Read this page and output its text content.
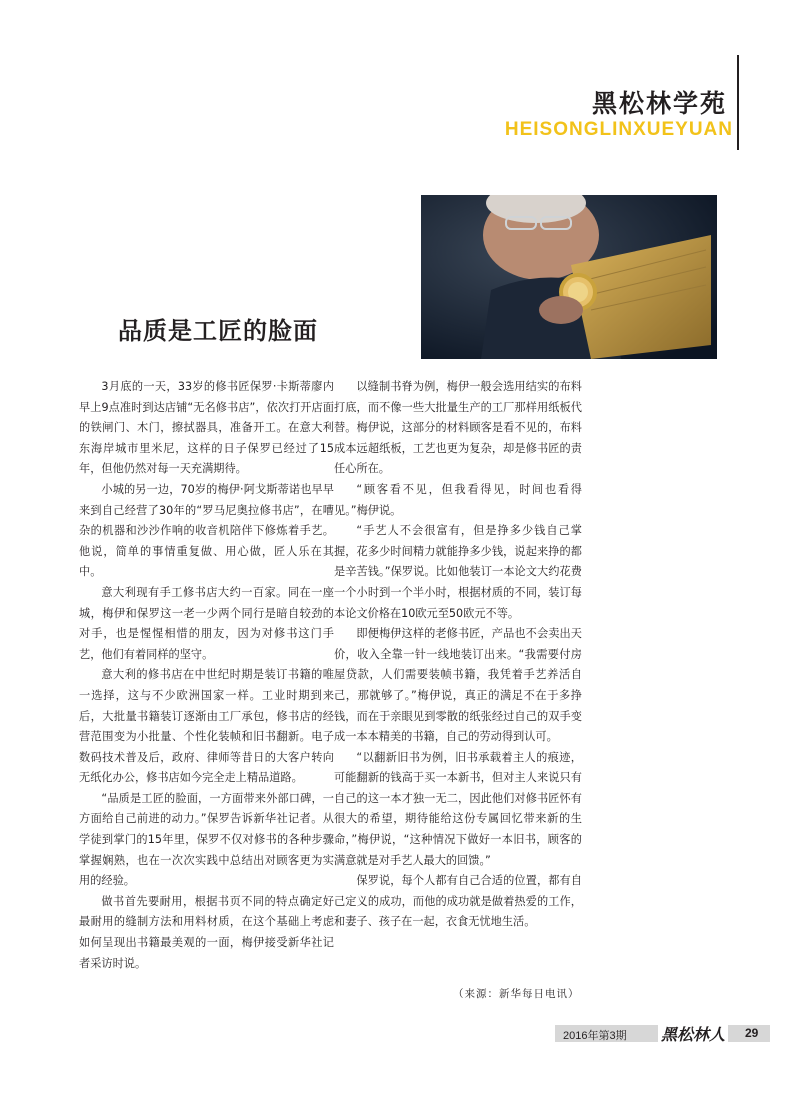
黑松林学苑
HEISONGLINXUEYUAN
品质是工匠的脸面

3月底的一天，33岁的修书匠保罗·卡斯蒂廖内早上9点准时到达店铺“无名修书店”，依次打开店面的铁闸门、木门，擦拭器具，准备开工。在意大利东海岸城市里米尼，这样的日子保罗已经过了15年，但他仍然对每一天充满期待。

小城的另一边，70岁的梅伊·阿戈斯蒂诺也早早来到自己经营了30年的“罗马尼奥拉修书店”，在嘈杂的机器和沙沙作响的收音机陪伴下修炼着手艺。他说，简单的事情重复做、用心做，匠人乐在其中。

意大利现有手工修书店大约一百家。同在一座城，梅伊和保罗这一老一少两个同行是暗自较劲的对手，也是惺惺相惜的朋友，因为对修书这门手艺，他们有着同样的坚守。

意大利的修书店在中世纪时期是装订书籍的唯一选择，这与不少欧洲国家一样。工业时期到来后，大批量书籍装订逐渐由工厂承包，修书店的经营范围变为小批量、个性化装帧和旧书翻新。电子数码技术普及后，政府、律师等昔日的大客户转向无纸化办公，修书店如今完全走上精品道路。

“品质是工匠的脸面，一方面带来外部口碑，一方面给自己前进的动力。”保罗告诉新华社记者。从学徒到掌门的15年里，保罗不仅对修书的各种步骤掌握娴熟，也在一次次实践中总结出对顾客更为实用的经验。

做书首先要耐用，根据书页不同的特点确定好最耐用的缝制方法和用料材质，在这个基础上考虑如何呈现出书籍最美观的一面，梅伊接受新华社记者采访时说。

以缝制书脊为例，梅伊一般会选用结实的布料打底，而不像一些大批量生产的工厂那样用纸板代替。梅伊说，这部分的材料顾客是看不见的，布料成本远超纸板，工艺也更为复杂，却是修书匠的责任心所在。

“顾客看不见，但我看得见，时间也看得见。”梅伊说。

“手艺人不会很富有，但是挣多少钱自己掌握，花多少时间精力就能挣多少钱，说起来挣的都是辛苦钱。”保罗说。比如他装订一本论文大约花费一个小时到一个半小时，根据材质的不同，装订每本论文价格在10欧元至50欧元不等。

即便梅伊这样的老修书匠，产品也不会卖出天价，收入全靠一针一线地装订出来。“我需要付房屋贷款，人们需要装帧书籍，我凭着手艺养活自己，那就够了。”梅伊说，真正的满足不在于多挣钱，而在于亲眼见到零散的纸张经过自己的双手变成一本本精美的书籍，自己的劳动得到认可。

“以翻新旧书为例，旧书承载着主人的痕迹，可能翻新的钱高于买一本新书，但对主人来说只有自己的这一本才独一无二，因此他们对修书匠怀有很大的希望，期待能给这份专属回忆带来新的生命，”梅伊说，“这种情况下做好一本旧书，顾客的满意就是对手艺人最大的回馈。”

保罗说，每个人都有自己合适的位置，都有自己定义的成功，而他的成功就是做着热爱的工作，和妻子、孩子在一起，衣食无忧地生活。

（来源：新华每日电讯）
2016年第3期 黑松林人 29
